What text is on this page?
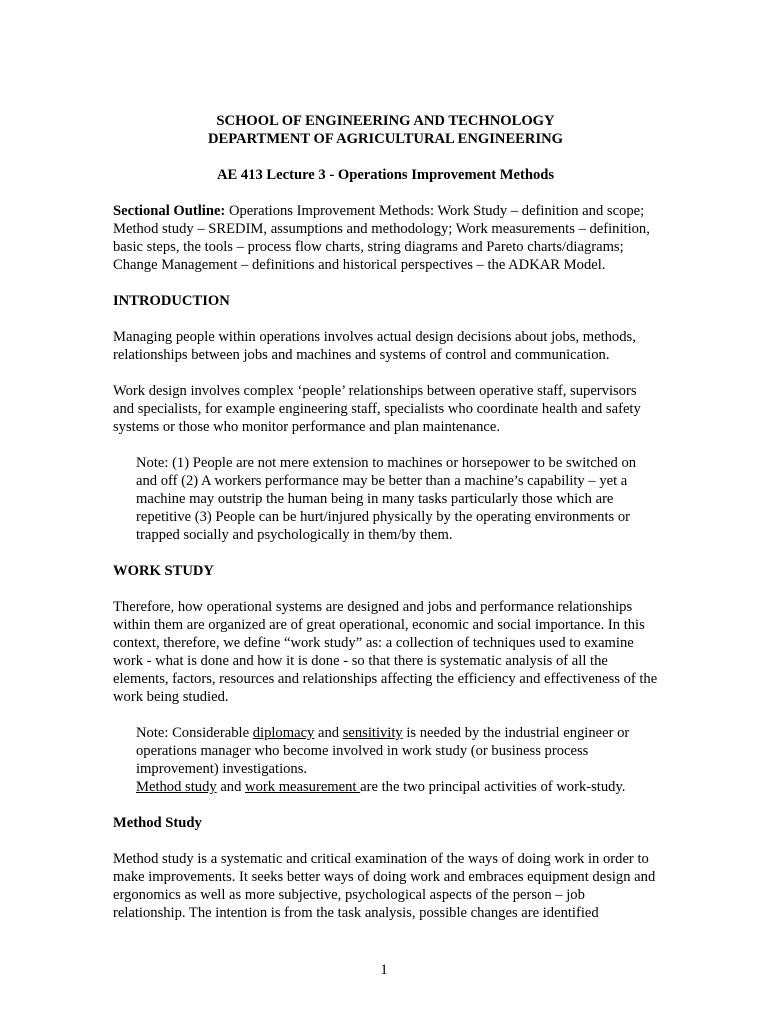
SCHOOL OF ENGINEERING AND TECHNOLOGY

DEPARTMENT OF AGRICULTURAL ENGINEERING

AE 413 Lecture 3 - Operations Improvement Methods

Sectional Outline: Operations Improvement Methods: Work Study – definition and scope; Method study – SREDIM, assumptions and methodology; Work measurements – definition, basic steps, the tools – process flow charts, string diagrams and Pareto charts/diagrams; Change Management – definitions and historical perspectives – the ADKAR Model.

INTRODUCTION

Managing people within operations involves actual design decisions about jobs, methods, relationships between jobs and machines and systems of control and communication.

Work design involves complex ‘people’ relationships between operative staff, supervisors and specialists, for example engineering staff, specialists who coordinate health and safety systems or those who monitor performance and plan maintenance.

Note: (1) People are not mere extension to machines or horsepower to be switched on and off (2) A workers performance may be better than a machine’s capability – yet a machine may outstrip the human being in many tasks particularly those which are repetitive (3) People can be hurt/injured physically by the operating environments or trapped socially and psychologically in them/by them.

WORK STUDY

Therefore, how operational systems are designed and jobs and performance relationships within them are organized are of great operational, economic and social importance. In this context, therefore, we define “work study” as: a collection of techniques used to examine work - what is done and how it is done - so that there is systematic analysis of all the elements, factors, resources and relationships affecting the efficiency and effectiveness of the work being studied.

Note: Considerable diplomacy and sensitivity is needed by the industrial engineer or operations manager who become involved in work study (or business process improvement) investigations.

Method study and work measurement are the two principal activities of work-study.

Method Study

Method study is a systematic and critical examination of the ways of doing work in order to make improvements. It seeks better ways of doing work and embraces equipment design and ergonomics as well as more subjective, psychological aspects of the person – job relationship. The intention is from the task analysis, possible changes are identified

1
